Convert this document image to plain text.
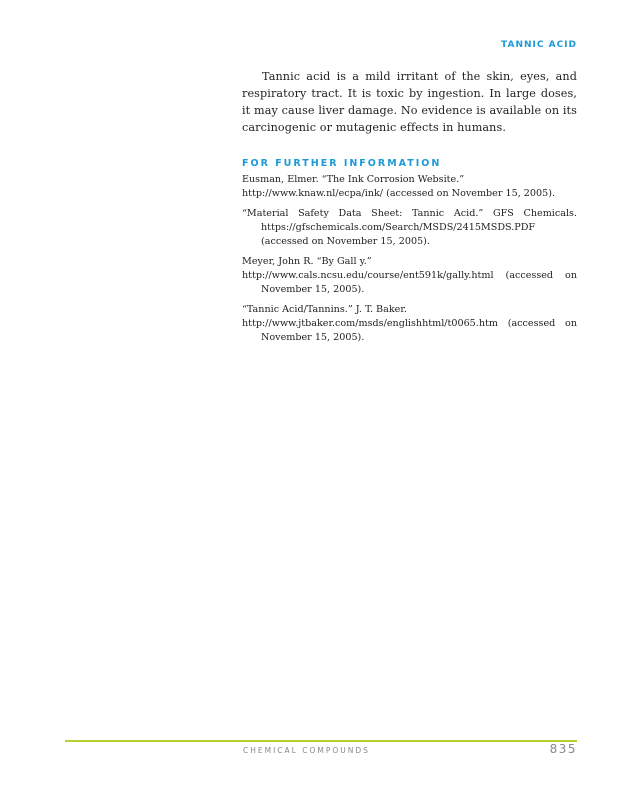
TANNIC ACID

Tannic acid is a mild irritant of the skin, eyes, and respiratory tract. It is toxic by ingestion. In large doses, it may cause liver damage. No evidence is available on its carcinogenic or mutagenic effects in humans.

FOR FURTHER INFORMATION

Eusman, Elmer. “The Ink Corrosion Website.”
http://www.knaw.nl/ecpa/ink/ (accessed on November 15, 2005).

“Material Safety Data Sheet: Tannic Acid.” GFS Chemicals. https://gfschemicals.com/Search/MSDS/2415MSDS.PDF (accessed on November 15, 2005).

Meyer, John R. “By Gall y.”
http://www.cals.ncsu.edu/course/ent591k/gally.html (accessed on November 15, 2005).

“Tannic Acid/Tannins.” J. T. Baker.
http://www.jtbaker.com/msds/englishhtml/t0065.htm (accessed on November 15, 2005).

CHEMICAL COMPOUNDS	835
